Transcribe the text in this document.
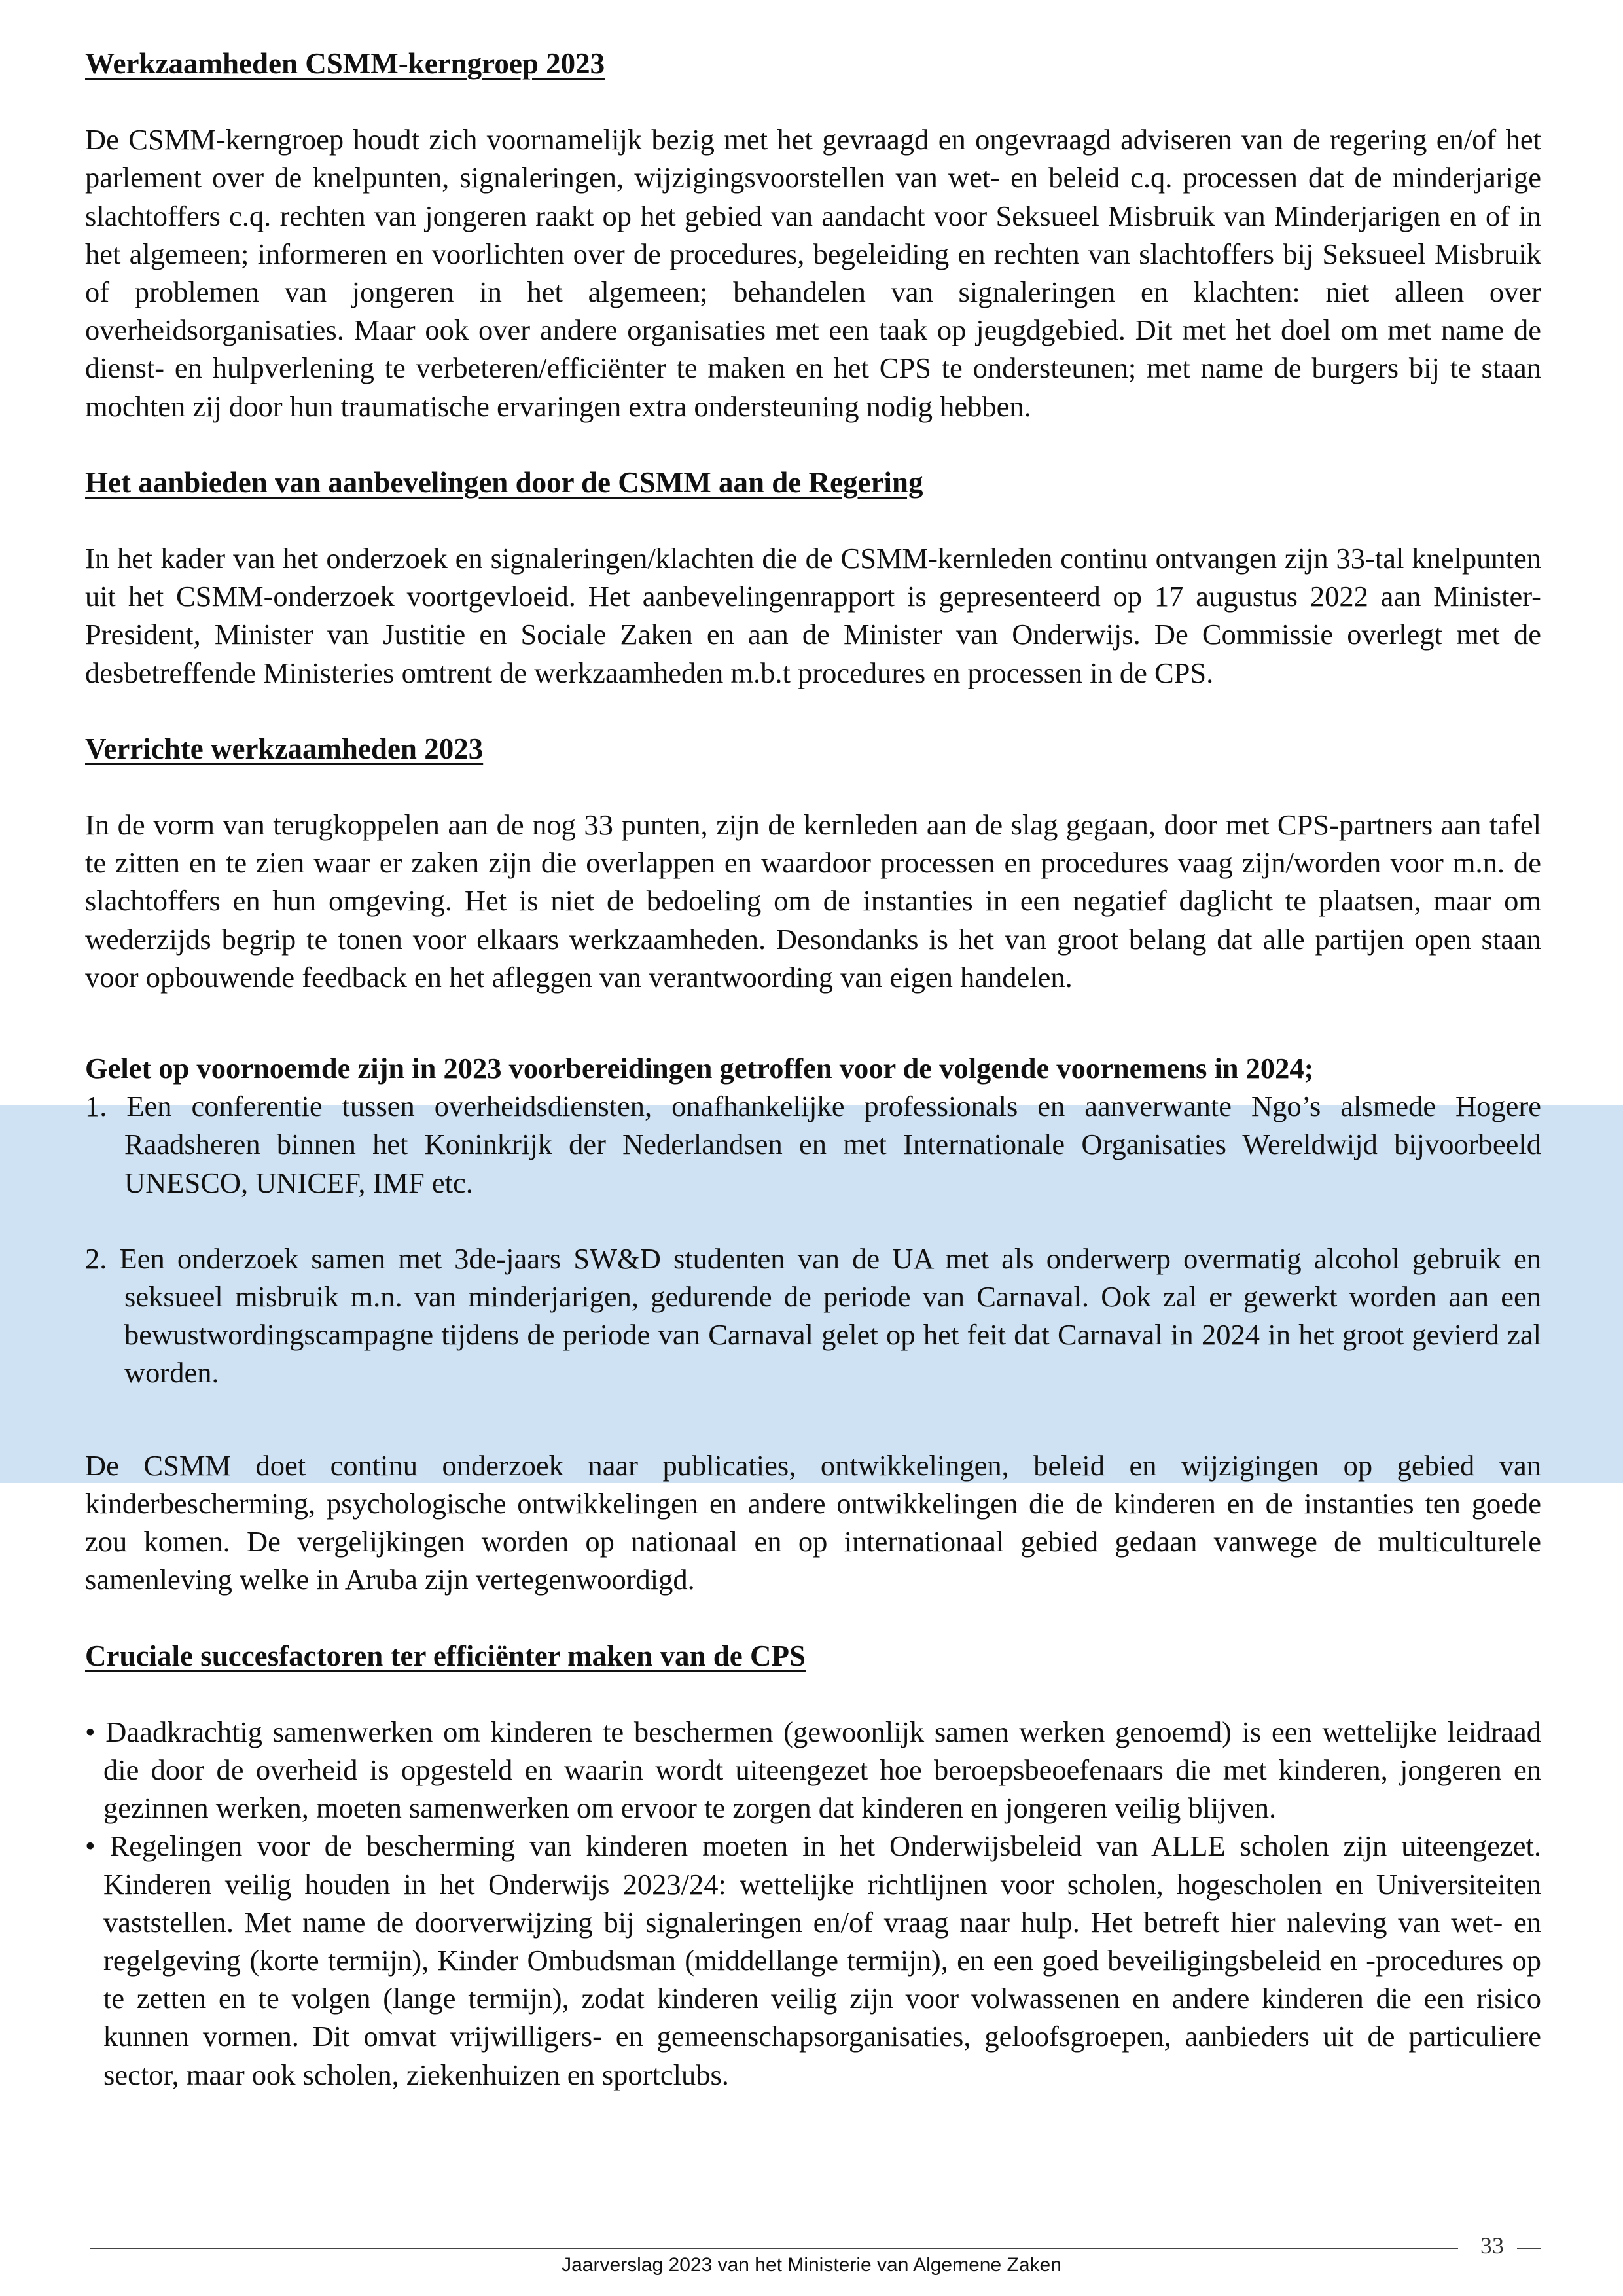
Werkzaamheden CSMM-kerngroep 2023

De CSMM-kerngroep houdt zich voornamelijk bezig met het gevraagd en ongevraagd adviseren van de regering en/of het parlement over de knelpunten, signaleringen, wijzigingsvoorstellen van wet- en beleid c.q. processen dat de minderjarige slachtoffers c.q. rechten van jongeren raakt op het gebied van aandacht voor Seksueel Misbruik van Minderjarigen en of in het algemeen; informeren en voorlichten over de procedures, begeleiding en rechten van slachtoffers bij Seksueel Misbruik of problemen van jongeren in het algemeen; behandelen van signaleringen en klachten: niet alleen over overheidsorganisaties. Maar ook over andere organisaties met een taak op jeugdgebied. Dit met het doel om met name de dienst- en hulpverlening te verbeteren/efficiënter te maken en het CPS te ondersteunen; met name de burgers bij te staan mochten zij door hun traumatische ervaringen extra ondersteuning nodig hebben.

Het aanbieden van aanbevelingen door de CSMM aan de Regering

In het kader van het onderzoek en signaleringen/klachten die de CSMM-kernleden continu ontvangen zijn 33-tal knelpunten uit het CSMM-onderzoek voortgevloeid. Het aanbevelingenrapport is gepresenteerd op 17 augustus 2022 aan Minister-President, Minister van Justitie en Sociale Zaken en aan de Minister van Onderwijs. De Commissie overlegt met de desbetreffende Ministeries omtrent de werkzaamheden m.b.t procedures en processen in de CPS.

Verrichte werkzaamheden 2023

In de vorm van terugkoppelen aan de nog 33 punten, zijn de kernleden aan de slag gegaan, door met CPS-partners aan tafel te zitten en te zien waar er zaken zijn die overlappen en waardoor processen en procedures vaag zijn/worden voor m.n. de slachtoffers en hun omgeving. Het is niet de bedoeling om de instanties in een negatief daglicht te plaatsen, maar om wederzijds begrip te tonen voor elkaars werkzaamheden. Desondanks is het van groot belang dat alle partijen open staan voor opbouwende feedback en het afleggen van verantwoording van eigen handelen.

Gelet op voornoemde zijn in 2023 voorbereidingen getroffen voor de volgende voornemens in 2024;

1. Een conferentie tussen overheidsdiensten, onafhankelijke professionals en aanverwante Ngo’s alsmede Hogere Raadsheren binnen het Koninkrijk der Nederlandsen en met Internationale Organisaties Wereldwijd bijvoorbeeld UNESCO, UNICEF, IMF etc.
2. Een onderzoek samen met 3de-jaars SW&D studenten van de UA met als onderwerp overmatig alcohol gebruik en seksueel misbruik m.n. van minderjarigen, gedurende de periode van Carnaval. Ook zal er gewerkt worden aan een bewustwordingscampagne tijdens de periode van Carnaval gelet op het feit dat Carnaval in 2024 in het groot gevierd zal worden.

De CSMM doet continu onderzoek naar publicaties, ontwikkelingen, beleid en wijzigingen op gebied van kinderbescherming, psychologische ontwikkelingen en andere ontwikkelingen die de kinderen en de instanties ten goede zou komen. De vergelijkingen worden op nationaal en op internationaal gebied gedaan vanwege de multiculturele samenleving welke in Aruba zijn vertegenwoordigd.

Cruciale succesfactoren ter efficiënter maken van de CPS
• Daadkrachtig samenwerken om kinderen te beschermen (gewoonlijk samen werken genoemd) is een wettelijke leidraad die door de overheid is opgesteld en waarin wordt uiteengezet hoe beroepsbeoefenaars die met kinderen, jongeren en gezinnen werken, moeten samenwerken om ervoor te zorgen dat kinderen en jongeren veilig blijven.
• Regelingen voor de bescherming van kinderen moeten in het Onderwijsbeleid van ALLE scholen zijn uiteengezet. Kinderen veilig houden in het Onderwijs 2023/24: wettelijke richtlijnen voor scholen, hogescholen en Universiteiten vaststellen. Met name de doorverwijzing bij signaleringen en/of vraag naar hulp. Het betreft hier naleving van wet- en regelgeving (korte termijn), Kinder Ombudsman (middellange termijn), en een goed beveiligingsbeleid en -procedures op te zetten en te volgen (lange termijn), zodat kinderen veilig zijn voor volwassenen en andere kinderen die een risico kunnen vormen. Dit omvat vrijwilligers- en gemeenschapsorganisaties, geloofsgroepen, aanbieders uit de particuliere sector, maar ook scholen, ziekenhuizen en sportclubs.
33
Jaarverslag 2023 van het Ministerie van Algemene Zaken
